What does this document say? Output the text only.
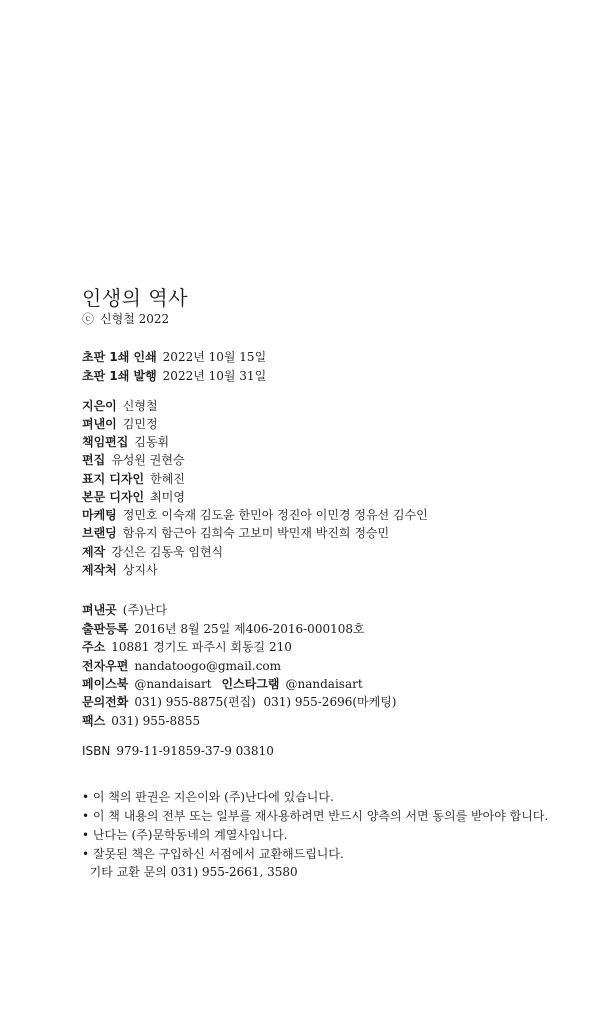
인생의 역사
ⓒ 신형철 2022
초판 1쇄 인쇄 2022년 10월 15일
초판 1쇄 발행 2022년 10월 31일
지은이 신형철
펴낸이 김민정
책임편집 김동휘
편집 유성원 권현승
표지 디자인 한혜진
본문 디자인 최미영
마케팅 정민호 이숙재 김도윤 한민아 정진아 이민경 정유선 김수인
브랜딩 함유지 함근아 김희숙 고보미 박민재 박진희 정승민
제작 강신은 김동욱 임현식
제작처 상지사
펴낸곳 (주)난다
출판등록 2016년 8월 25일 제406-2016-000108호
주소 10881 경기도 파주시 회동길 210
전자우편 nandatoogo@gmail.com
페이스북 @nandaisart 인스타그램 @nandaisart
문의전화 031) 955-8875(편집)  031) 955-2696(마케팅)
팩스 031) 955-8855
ISBN 979-11-91859-37-9 03810
• 이 책의 판권은 지은이와 (주)난다에 있습니다.
• 이 책 내용의 전부 또는 일부를 재사용하려면 반드시 양측의 서면 동의를 받아야 합니다.
• 난다는 (주)문학동네의 계열사입니다.
• 잘못된 책은 구입하신 서점에서 교환해드립니다.
기타 교환 문의 031) 955-2661, 3580
